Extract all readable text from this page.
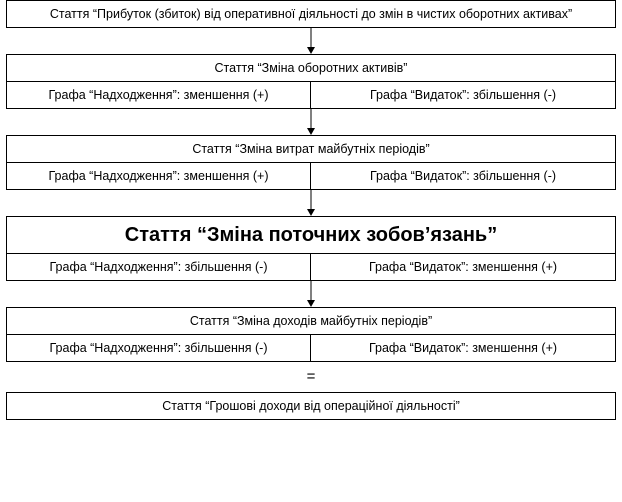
Стаття “Прибуток (збиток) від оперативної діяльності до змін в чистих оборотних активах”
Стаття “Зміна оборотних активів”
Графа “Надходження”: зменшення (+)	Графа “Видаток”: збільшення (-)
Стаття “Зміна витрат майбутніх періодів”
Графа “Надходження”: зменшення (+)	Графа “Видаток”: збільшення (-)
Стаття “Зміна поточних зобов’язань”
Графа “Надходження”: збільшення (-)	Графа “Видаток”: зменшення (+)
Стаття “Зміна доходів майбутніх періодів”
Графа “Надходження”: збільшення (-)	Графа “Видаток”: зменшення (+)
=
Стаття “Грошові доходи від операційної діяльності”
